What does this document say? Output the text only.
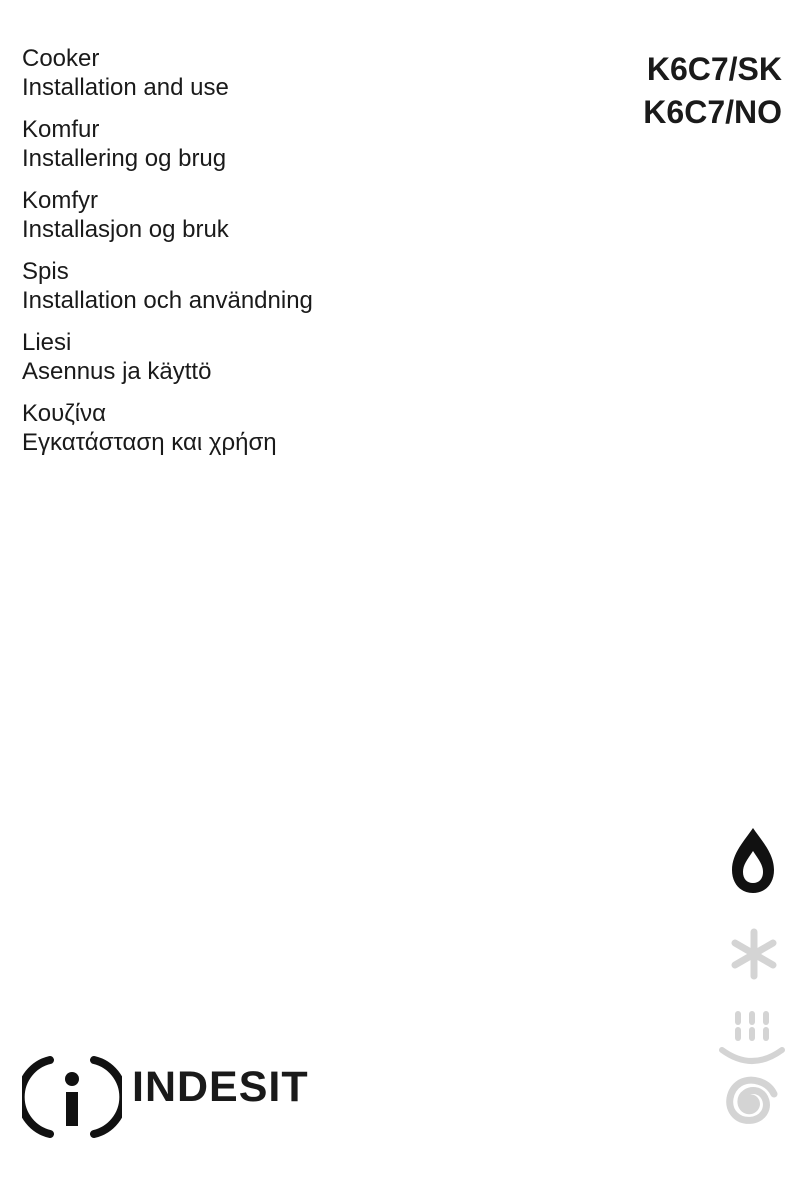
Cooker
Installation and use
Komfur
Installering og brug
Komfyr
Installasjon og bruk
Spis
Installation och användning
Liesi
Asennus ja käyttö
Κουζίνα
Εγκατάσταση και χρήση
K6C7/SK
K6C7/NO
INDESIT
